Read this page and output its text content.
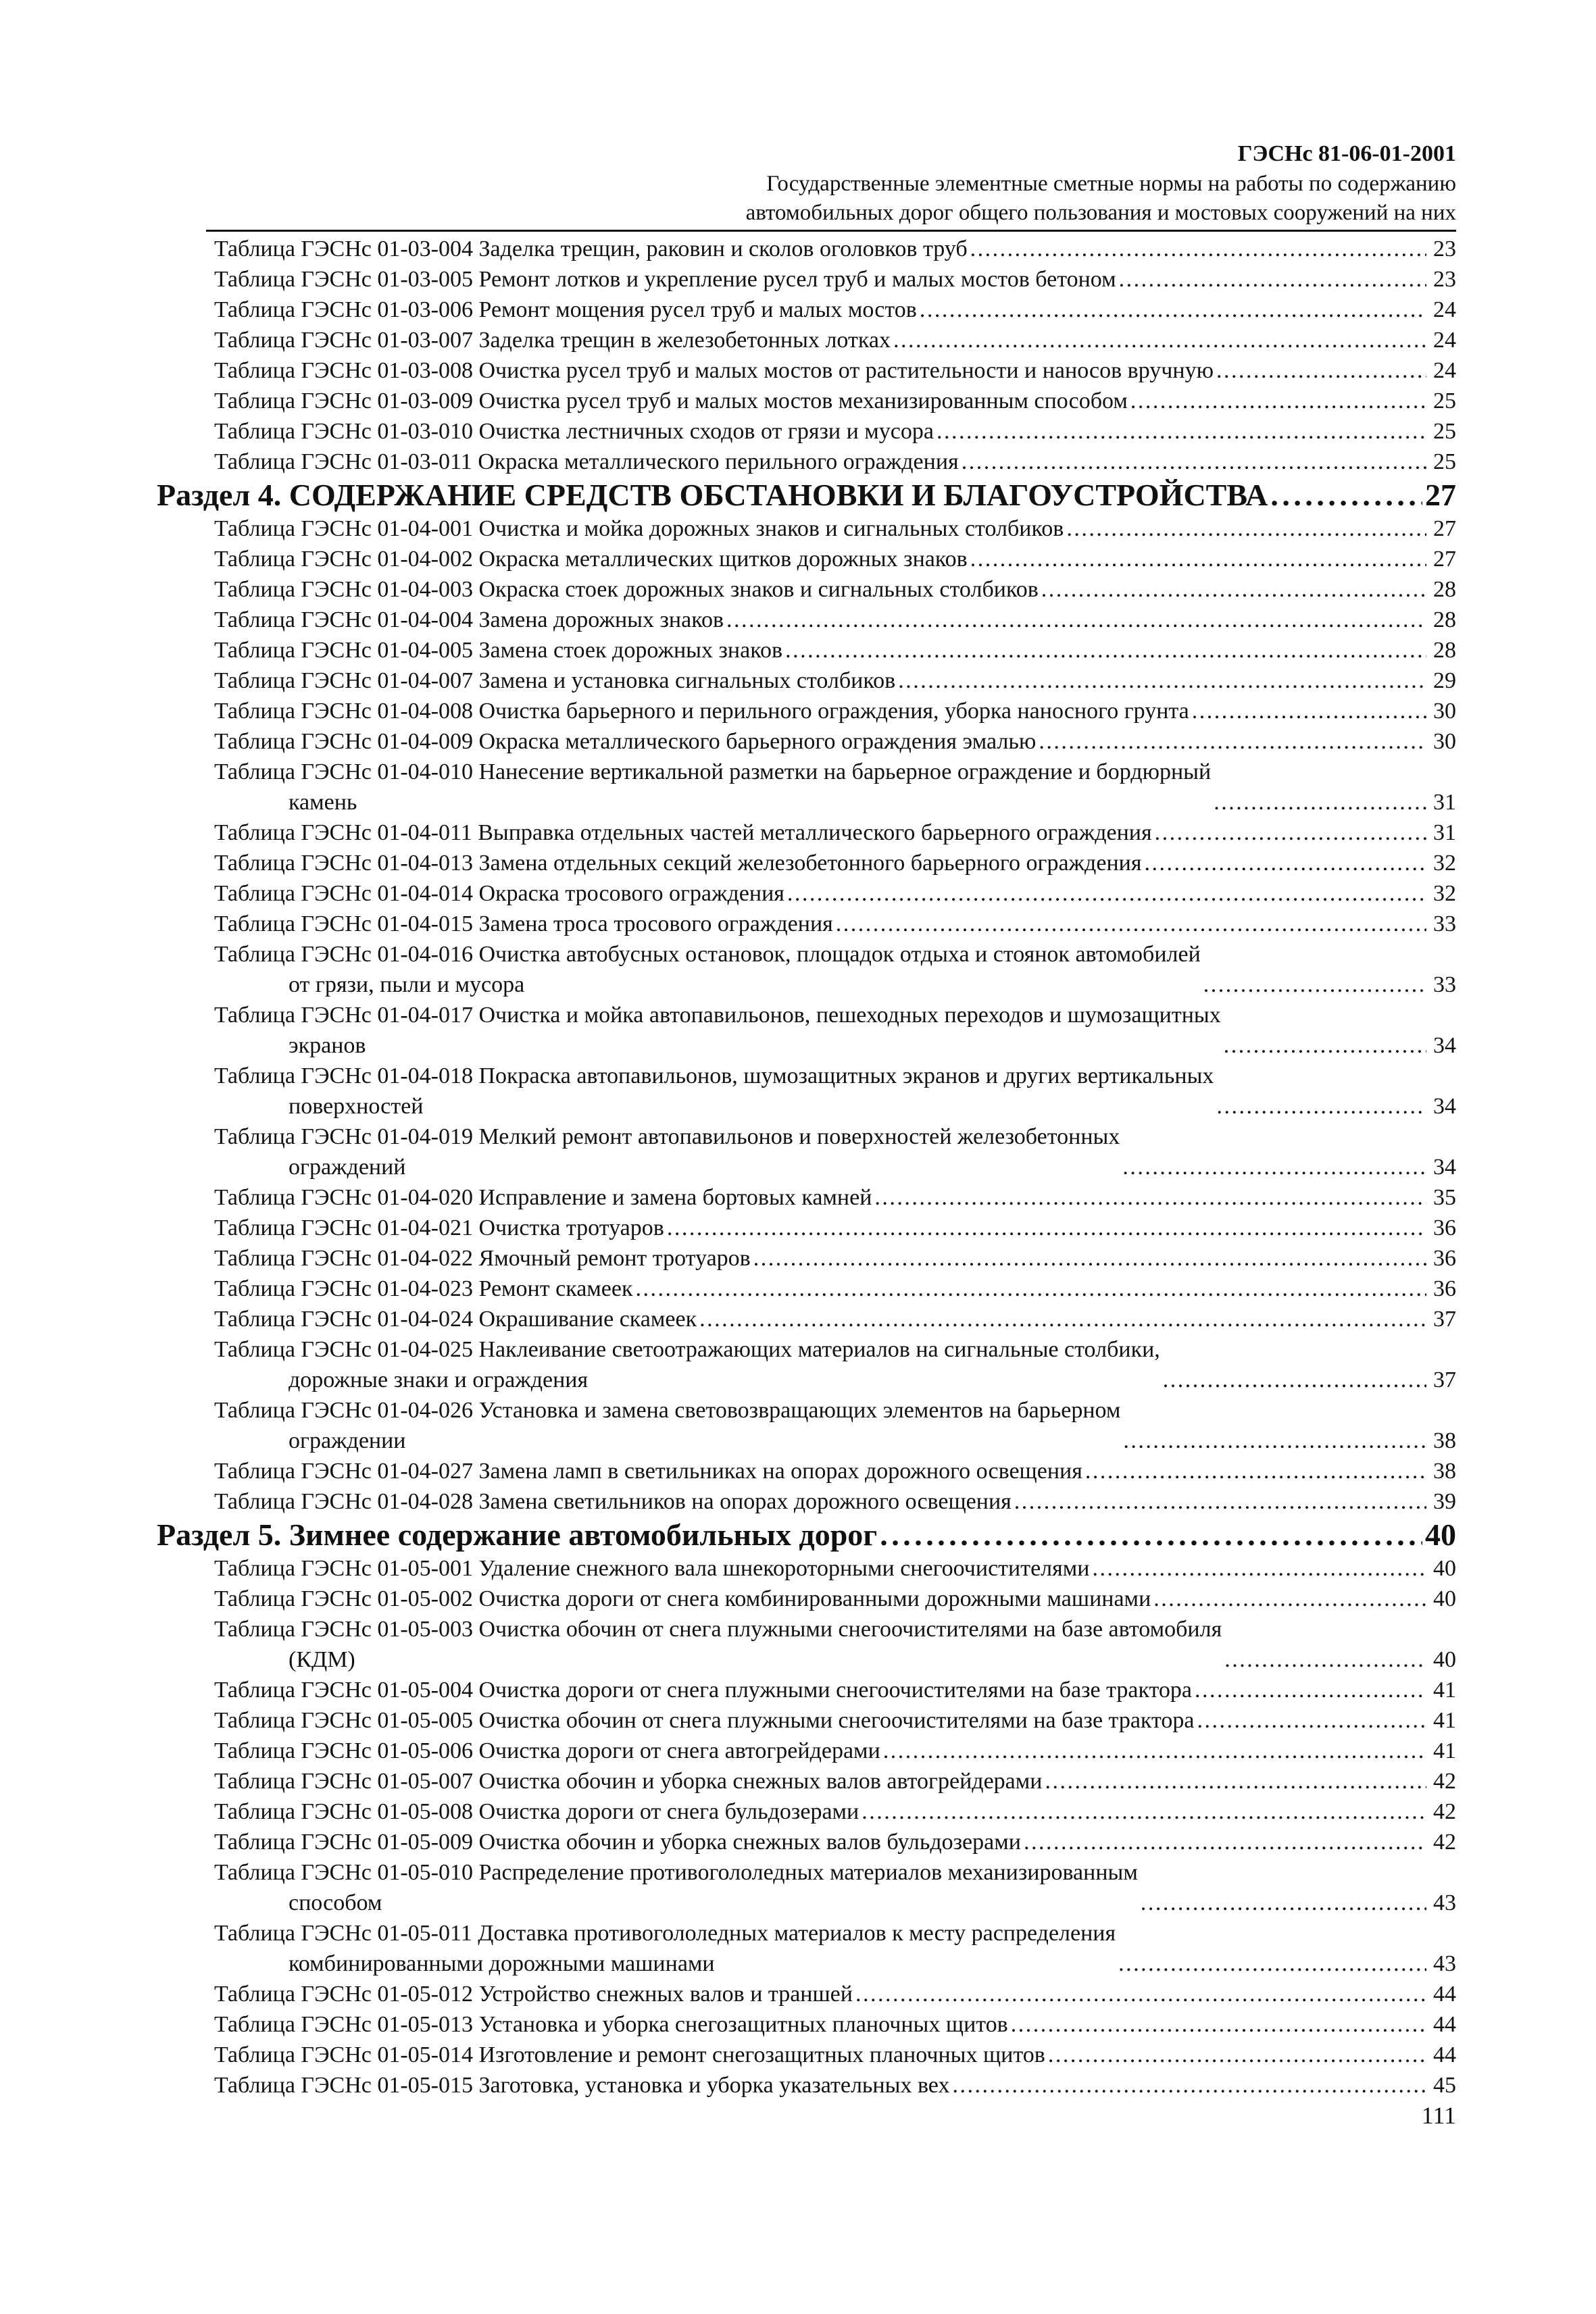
ГЭСНс 81-06-01-2001
Государственные элементные сметные нормы на работы по содержанию
автомобильных дорог общего пользования и мостовых сооружений на них
Таблица ГЭСНс 01-03-004 Заделка трещин, раковин и сколов оголовков труб . . .	23
Таблица ГЭСНс 01-03-005 Ремонт лотков и укрепление русел труб и малых мостов бетоном . . .	23
Таблица ГЭСНс 01-03-006 Ремонт мощения русел труб и малых мостов . . .	24
Таблица ГЭСНс 01-03-007 Заделка трещин в железобетонных лотках . . .	24
Таблица ГЭСНс 01-03-008 Очистка русел труб и малых мостов от растительности и наносов вручную . . .	24
Таблица ГЭСНс 01-03-009 Очистка русел труб и малых мостов механизированным способом . . .	25
Таблица ГЭСНс 01-03-010 Очистка лестничных сходов от грязи и мусора . . .	25
Таблица ГЭСНс 01-03-011 Окраска металлического перильного ограждения . . .	25
Раздел 4. СОДЕРЖАНИЕ СРЕДСТВ ОБСТАНОВКИ И БЛАГОУСТРОЙСТВА . . .	27
Таблица ГЭСНс 01-04-001 Очистка и мойка дорожных знаков и сигнальных столбиков . . .	27
Таблица ГЭСНс 01-04-002 Окраска металлических щитков дорожных знаков . . .	27
Таблица ГЭСНс 01-04-003 Окраска стоек дорожных знаков и сигнальных столбиков . . .	28
Таблица ГЭСНс 01-04-004 Замена дорожных знаков . . .	28
Таблица ГЭСНс 01-04-005 Замена стоек дорожных знаков . . .	28
Таблица ГЭСНс 01-04-007 Замена и установка сигнальных столбиков . . .	29
Таблица ГЭСНс 01-04-008 Очистка барьерного и перильного ограждения, уборка наносного грунта . . .	30
Таблица ГЭСНс 01-04-009 Окраска металлического барьерного ограждения эмалью . . .	30
Таблица ГЭСНс 01-04-010 Нанесение вертикальной разметки на барьерное ограждение и бордюрный
камень . . .	31
Таблица ГЭСНс 01-04-011 Выправка отдельных частей металлического барьерного ограждения . . .	31
Таблица ГЭСНс 01-04-013 Замена отдельных секций железобетонного барьерного ограждения . . .	32
Таблица ГЭСНс 01-04-014 Окраска тросового ограждения . . .	32
Таблица ГЭСНс 01-04-015 Замена троса тросового ограждения . . .	33
Таблица ГЭСНс 01-04-016 Очистка автобусных остановок, площадок отдыха и стоянок автомобилей
от грязи, пыли и мусора . . .	33
Таблица ГЭСНс 01-04-017 Очистка и мойка автопавильонов, пешеходных переходов и шумозащитных
экранов . . .	34
Таблица ГЭСНс 01-04-018 Покраска автопавильонов, шумозащитных экранов и других вертикальных
поверхностей . . .	34
Таблица ГЭСНс 01-04-019 Мелкий ремонт автопавильонов и поверхностей железобетонных
ограждений . . .	34
Таблица ГЭСНс 01-04-020 Исправление и замена бортовых камней . . .	35
Таблица ГЭСНс 01-04-021 Очистка тротуаров . . .	36
Таблица ГЭСНс 01-04-022 Ямочный ремонт тротуаров . . .	36
Таблица ГЭСНс 01-04-023 Ремонт скамеек . . .	36
Таблица ГЭСНс 01-04-024 Окрашивание скамеек . . .	37
Таблица ГЭСНс 01-04-025 Наклеивание светоотражающих материалов на сигнальные столбики,
дорожные знаки и ограждения . . .	37
Таблица ГЭСНс 01-04-026 Установка и замена световозвращающих элементов на барьерном
ограждении . . .	38
Таблица ГЭСНс 01-04-027 Замена ламп в светильниках на опорах дорожного освещения . . .	38
Таблица ГЭСНс 01-04-028 Замена светильников на опорах дорожного освещения . . .	39
Раздел 5. Зимнее содержание автомобильных дорог . . .	40
Таблица ГЭСНс 01-05-001 Удаление снежного вала шнекороторными снегоочистителями . . .	40
Таблица ГЭСНс 01-05-002 Очистка дороги от снега комбинированными дорожными машинами . . .	40
Таблица ГЭСНс 01-05-003 Очистка обочин от снега плужными снегоочистителями на базе автомобиля
(КДМ) . . .	40
Таблица ГЭСНс 01-05-004 Очистка дороги от снега плужными снегоочистителями на базе трактора . . .	41
Таблица ГЭСНс 01-05-005 Очистка обочин от снега плужными снегоочистителями на базе трактора . . .	41
Таблица ГЭСНс 01-05-006 Очистка дороги от снега автогрейдерами . . .	41
Таблица ГЭСНс 01-05-007 Очистка обочин и уборка снежных валов автогрейдерами . . .	42
Таблица ГЭСНс 01-05-008 Очистка дороги от снега бульдозерами . . .	42
Таблица ГЭСНс 01-05-009 Очистка обочин и уборка снежных валов бульдозерами . . .	42
Таблица ГЭСНс 01-05-010 Распределение противогололедных материалов механизированным
способом . . .	43
Таблица ГЭСНс 01-05-011 Доставка противогололедных материалов к месту распределения
комбинированными дорожными машинами . . .	43
Таблица ГЭСНс 01-05-012 Устройство снежных валов и траншей . . .	44
Таблица ГЭСНс 01-05-013 Установка и уборка снегозащитных планочных щитов . . .	44
Таблица ГЭСНс 01-05-014 Изготовление и ремонт снегозащитных планочных щитов . . .	44
Таблица ГЭСНс 01-05-015 Заготовка, установка и уборка указательных вех . . .	45
111
